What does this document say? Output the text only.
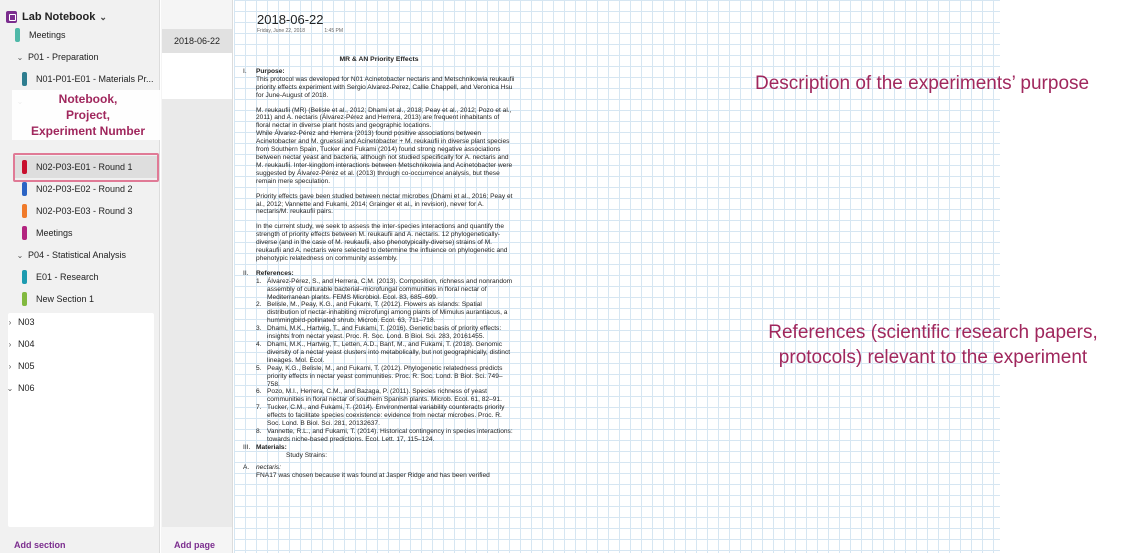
Lab Notebook ⌄
Meetings
⌄ P01 - Preparation
N01-P01-E01 - Materials Pr...
Notebook,
Project,
Experiment Number
N02-P03-E01 - Round 1
N02-P03-E02 - Round 2
N02-P03-E03 - Round 3
Meetings
⌄ P04 - Statistical Analysis
E01 - Research
New Section 1
› N03
› N04
› N05
⌄ N06
Add section
2018-06-22
Add page
2018-06-22
Friday, June 22, 2018	1:45 PM
MR & AN Priority Effects
I.	Purpose:

This protocol was developed for N01 Acinetobacter nectaris and Metschnikowia reukaufii priority effects experiment with Sergio Alvarez-Perez, Callie Chappell, and Veronica Hsu for June-August of 2018.

M. reukaufii (MR) (Belisle et al., 2012; Dhami et al., 2018; Peay et al., 2012; Pozo et al., 2011) and A. nectaris (Álvarez-Pérez and Herrera, 2013) are frequent inhabitants of floral nectar in diverse plant hosts and geographic locations.

While Álvarez-Pérez and Herrera (2013) found positive associations between Acinetobacter and M. gruessii and Acinetobacter + M. reukaufii in diverse plant species from Southern Spain, Tucker and Fukami (2014) found strong negative associations between nectar yeast and bacteria, although not studied specifically for A. nectaris and M. reukaufii. Inter-kingdom interactions between Metschnikowia and Acinetobacter were suggested by Álvarez-Pérez et al. (2013) through co-occurrence analysis, but these remain mere speculation.

Priority effects gave been studied between nectar microbes (Dhami et al., 2016; Peay et al., 2012; Vannette and Fukami, 2014; Grainger et al., in revision), never for A. nectaris/M. reukaufii pairs.

In the current study, we seek to assess the inter-species interactions and quantify the strength of priority effects between M. reukaufii and A. nectaris. 12 phylogenetically-diverse (and in the case of M. reukaufii, also phenotypically-diverse) strains of M. reukaufii and A. nectaris were selected to determine the influence on phylogenetic and phenotypic relatedness on community assembly.

II.	References:

1. Álvarez-Pérez, S., and Herrera, C.M. (2013). Composition, richness and nonrandom assembly of culturable bacterial–microfungal communities in floral nectar of Mediterranean plants. FEMS Microbiol. Ecol. 83, 685–699.
2. Belisle, M., Peay, K.G., and Fukami, T. (2012). Flowers as islands: Spatial distribution of nectar-inhabiting microfungi among plants of Mimulus aurantiacus, a hummingbird-pollinated shrub. Microb. Ecol. 63, 711–718.
3. Dhami, M.K., Hartwig, T., and Fukami, T. (2016). Genetic basis of priority effects: insights from nectar yeast. Proc. R. Soc. Lond. B Biol. Sci. 283, 20161455.
4. Dhami, M.K., Hartwig, T., Letten, A.D., Banf, M., and Fukami, T. (2018). Genomic diversity of a nectar yeast clusters into metabolically, but not geographically, distinct lineages. Mol. Ecol.
5. Peay, K.G., Belisle, M., and Fukami, T. (2012). Phylogenetic relatedness predicts priority effects in nectar yeast communities. Proc. R. Soc. Lond. B Biol. Sci. 749–758.
6. Pozo, M.I., Herrera, C.M., and Bazaga, P. (2011). Species richness of yeast communities in floral nectar of southern Spanish plants. Microb. Ecol. 61, 82–91.
7. Tucker, C.M., and Fukami, T. (2014). Environmental variability counteracts priority effects to facilitate species coexistence: evidence from nectar microbes. Proc. R. Soc. Lond. B Biol. Sci. 281, 20132637.
8. Vannette, R.L., and Fukami, T. (2014). Historical contingency in species interactions: towards niche-based predictions. Ecol. Lett. 17, 115–124.
III. Materials:

Study Strains:

A.	nectaris:

FNA17 was chosen because it was found at Jasper Ridge and has been verified

Description of the experiments’ purpose
References (scientific research papers, protocols) relevant to the experiment
